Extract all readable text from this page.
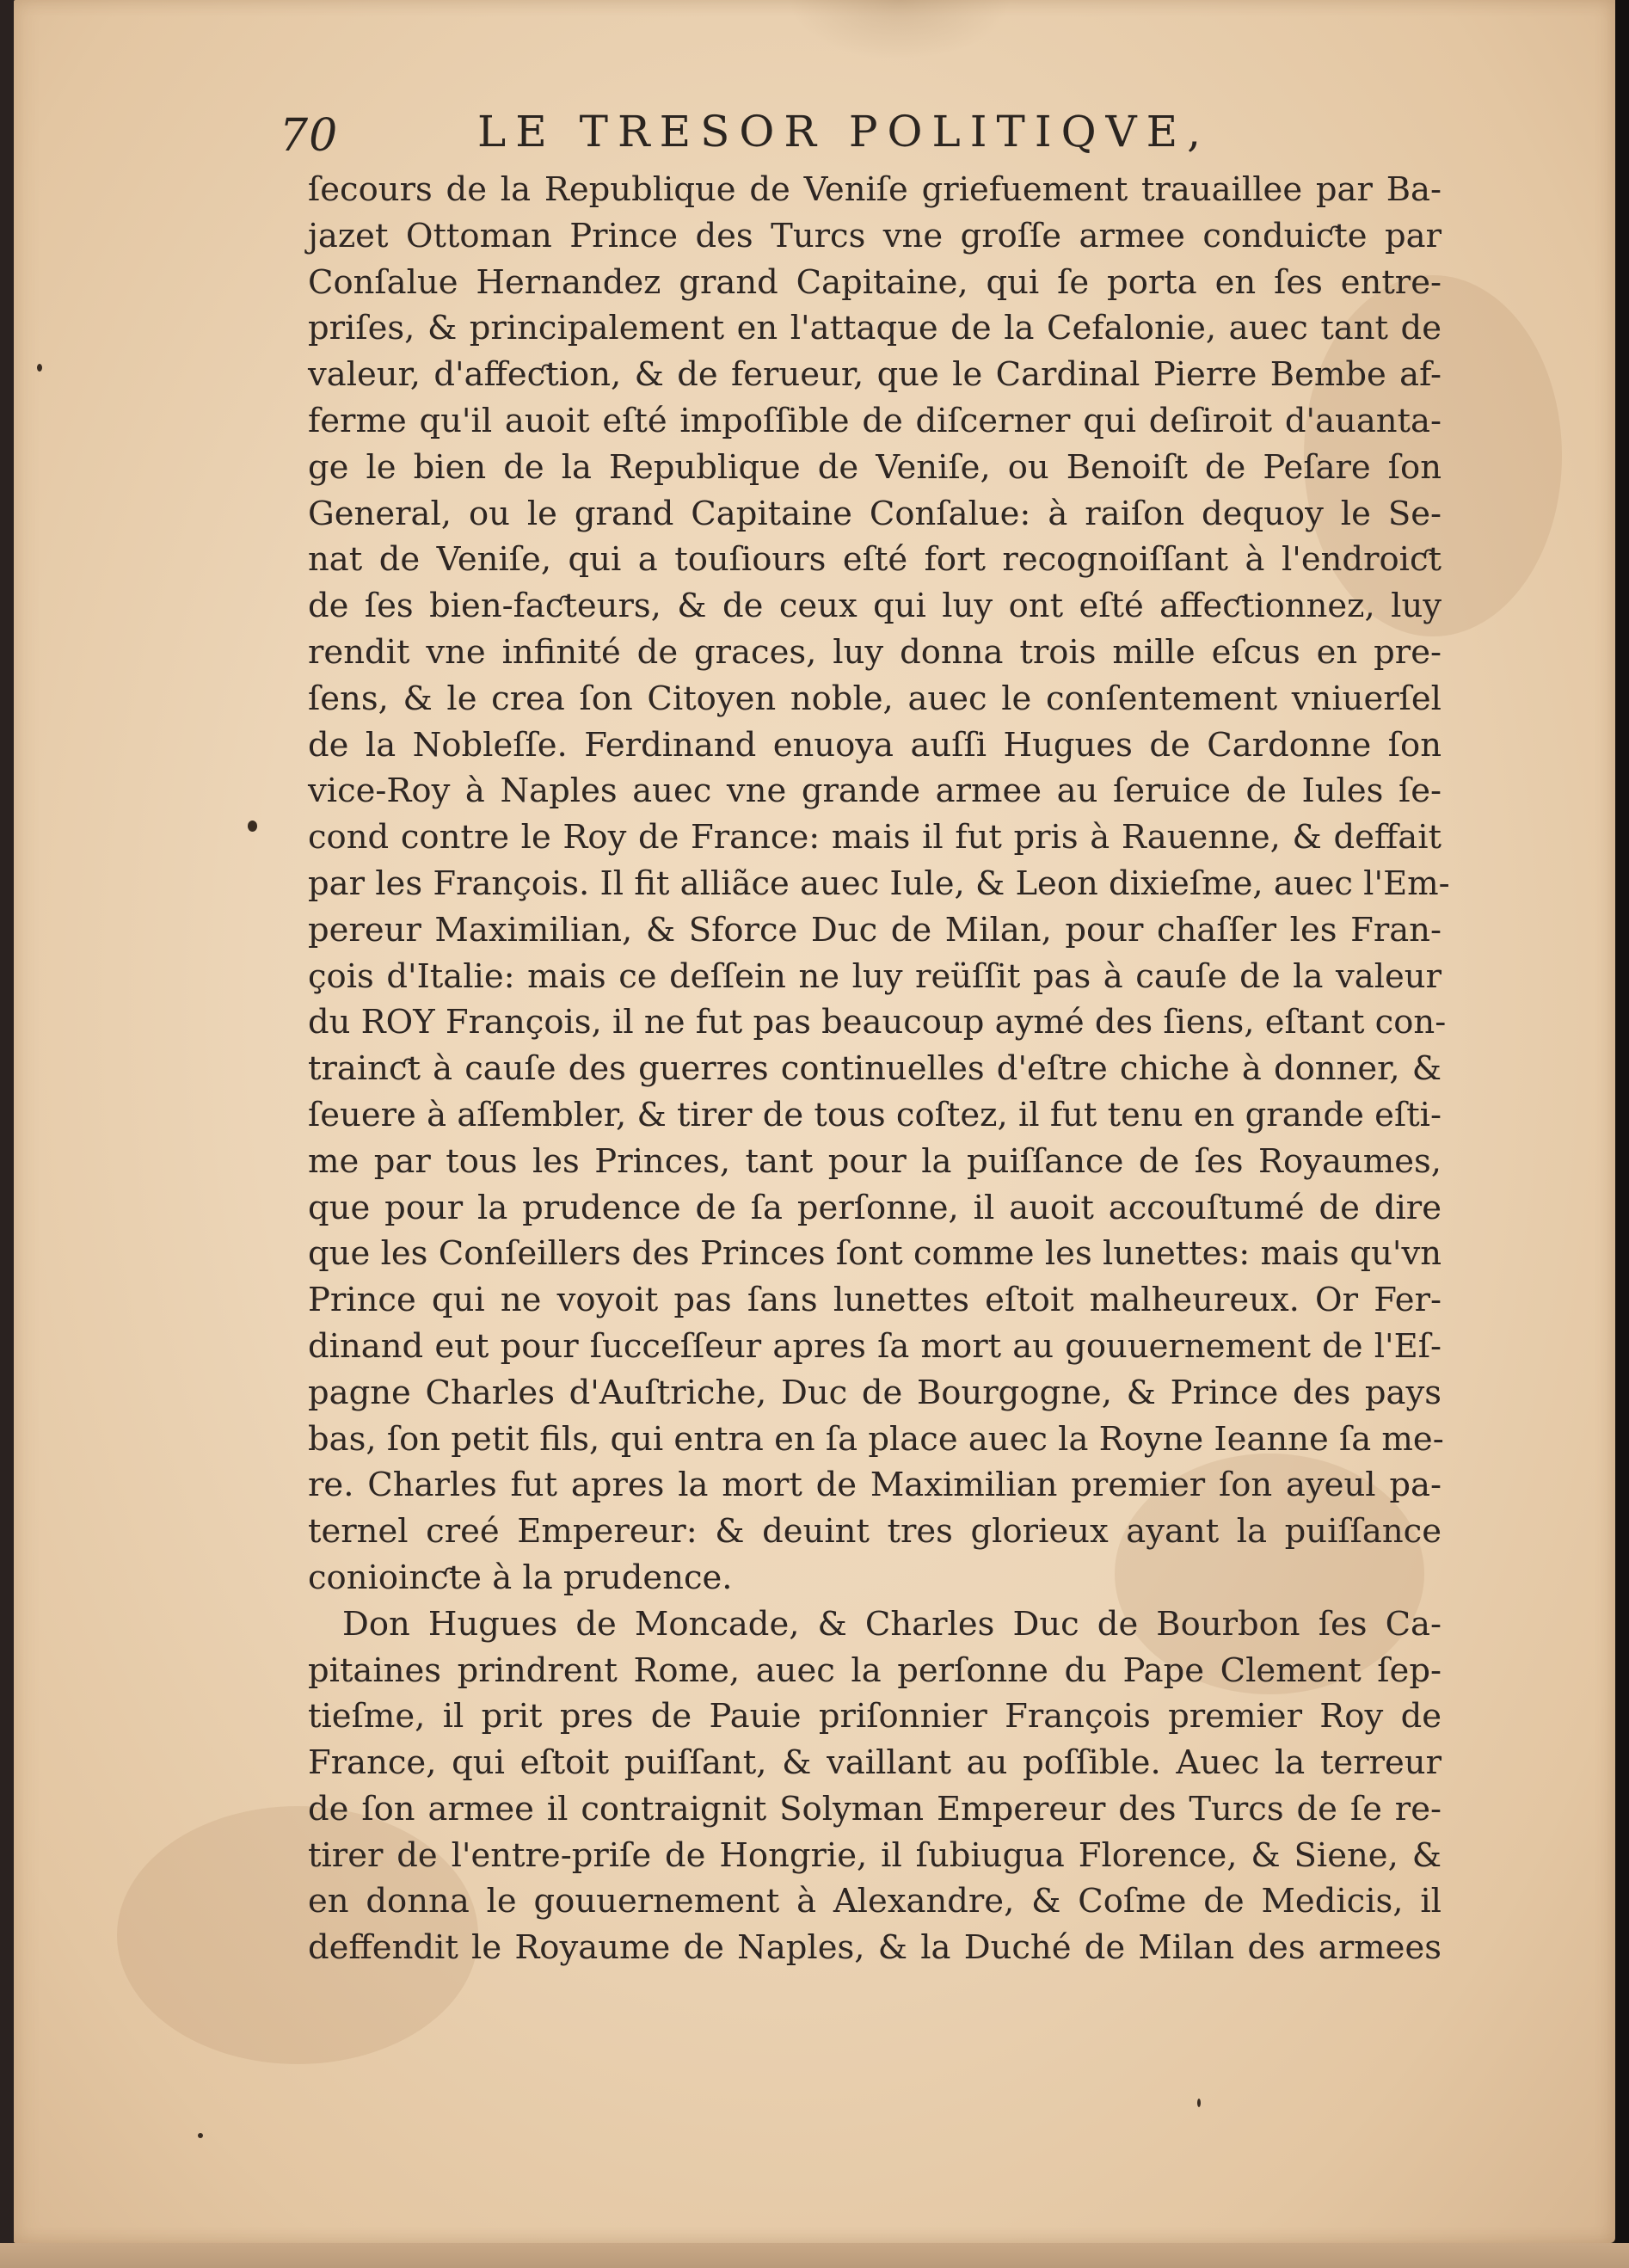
70	LE TRESOR POLITIQVE,
ſecours de la Republique de Veniſe griefuement trauaillee par Ba-
jazet Ottoman Prince des Turcs vne groſſe armee conduiƈte par
Conſalue Hernandez grand Capitaine, qui ſe porta en ſes entre-
priſes, & principalement en l'attaque de la Cefalonie, auec tant de
valeur, d'affeƈtion, & de ferueur, que le Cardinal Pierre Bembe af-
ferme qu'il auoit eſté impoſſible de diſcerner qui deſiroit d'auanta-
ge le bien de la Republique de Veniſe, ou Benoiſt de Peſare ſon
General, ou le grand Capitaine Conſalue: à raiſon dequoy le Se-
nat de Veniſe, qui a touſiours eſté fort recognoiſſant à l'endroiƈt
de ſes bien-faƈteurs, & de ceux qui luy ont eſté affeƈtionnez, luy
rendit vne infinité de graces, luy donna trois mille eſcus en pre-
ſens, & le crea ſon Citoyen noble, auec le conſentement vniuerſel
de la Nobleſſe. Ferdinand enuoya auſſi Hugues de Cardonne ſon
vice-Roy à Naples auec vne grande armee au ſeruice de Iules ſe-
cond contre le Roy de France: mais il fut pris à Rauenne, & deffait
par les François. Il fit alliãce auec Iule, & Leon dixieſme, auec l'Em-
pereur Maximilian, & Sforce Duc de Milan, pour chaſſer les Fran-
çois d'Italie: mais ce deſſein ne luy reüſſit pas à cauſe de la valeur
du ROY François, il ne fut pas beaucoup aymé des ſiens, eſtant con-
trainƈt à cauſe des guerres continuelles d'eſtre chiche à donner, &
ſeuere à aſſembler, & tirer de tous coſtez, il fut tenu en grande eſti-
me par tous les Princes, tant pour la puiſſance de ſes Royaumes,
que pour la prudence de ſa perſonne, il auoit accouſtumé de dire
que les Conſeillers des Princes ſont comme les lunettes: mais qu'vn
Prince qui ne voyoit pas ſans lunettes eſtoit malheureux. Or Fer-
dinand eut pour ſucceſſeur apres ſa mort au gouuernement de l'Eſ-
pagne Charles d'Auſtriche, Duc de Bourgogne, & Prince des pays
bas, ſon petit fils, qui entra en ſa place auec la Royne Ieanne ſa me-
re. Charles fut apres la mort de Maximilian premier ſon ayeul pa-
ternel creé Empereur: & deuint tres glorieux ayant la puiſſance
conioinƈte à la prudence.
Don Hugues de Moncade, & Charles Duc de Bourbon ſes Ca-
pitaines prindrent Rome, auec la perſonne du Pape Clement ſep-
tieſme, il prit pres de Pauie priſonnier François premier Roy de
France, qui eſtoit puiſſant, & vaillant au poſſible. Auec la terreur
de ſon armee il contraignit Solyman Empereur des Turcs de ſe re-
tirer de l'entre-priſe de Hongrie, il ſubiugua Florence, & Siene, &
en donna le gouuernement à Alexandre, & Coſme de Medicis, il
deffendit le Royaume de Naples, & la Duché de Milan des armees
